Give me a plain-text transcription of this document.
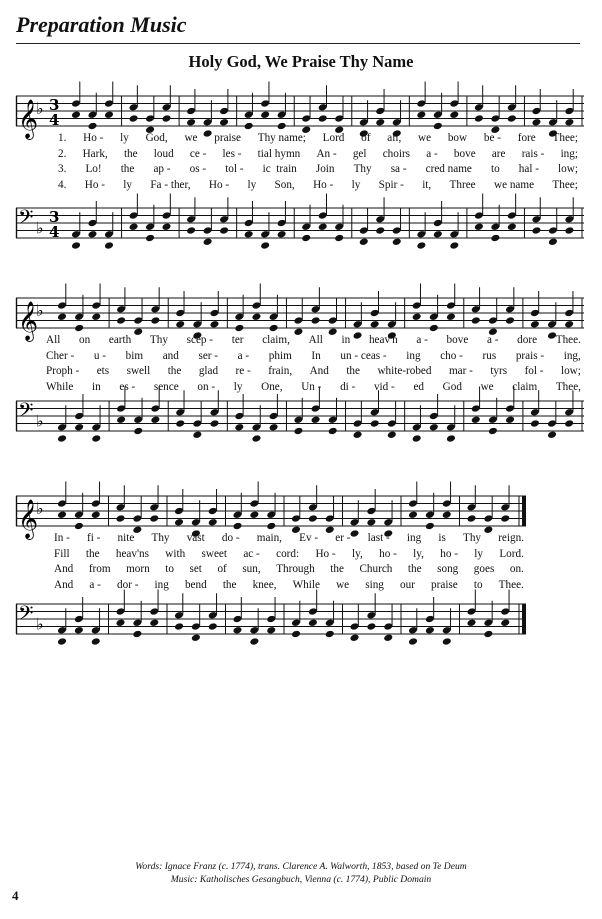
Preparation Music
Holy God, We Praise Thy Name
𝄞
♭ 3
4
1. Ho - ly God, we praise Thy name; Lord of all, we bow be - fore Thee;
2. Hark, the loud ce - les - tial hymn An - gel choirs a - bove are rais - ing;
3. Lo! the ap - os - tol - ic  train Join Thy sa - cred name to hal - low;
4. Ho - ly Fa - ther, Ho - ly Son, Ho - ly Spir - it, Three we name Thee;
𝄢 ♭
3
4
𝄞
♭
All on earth Thy scep - ter claim, All in heav'n a - bove a - dore Thee.
Cher - u - bim and ser - a - phim In un - ceas - ing cho - rus prais - ing,
Proph - ets swell the glad re - frain, And the white-robed mar - tyrs fol - low;
While in es - sence on - ly One, Un - di - vid - ed God we claim Thee,
𝄢 ♭
𝄞
♭
In - fi - nite Thy vast do - main, Ev - er - last - ing is Thy reign.
Fill the heav'ns with sweet ac - cord: Ho - ly, ho - ly, ho - ly Lord.
And from morn to set of sun, Through the Church the song goes on.
And a - dor - ing bend the knee, While we sing our praise to Thee.
𝄢 ♭
Words: Ignace Franz (c. 1774), trans. Clarence A. Walworth, 1853, based on Te Deum
Music: Katholisches Gesangbuch, Vienna (c. 1774), Public Domain
4
